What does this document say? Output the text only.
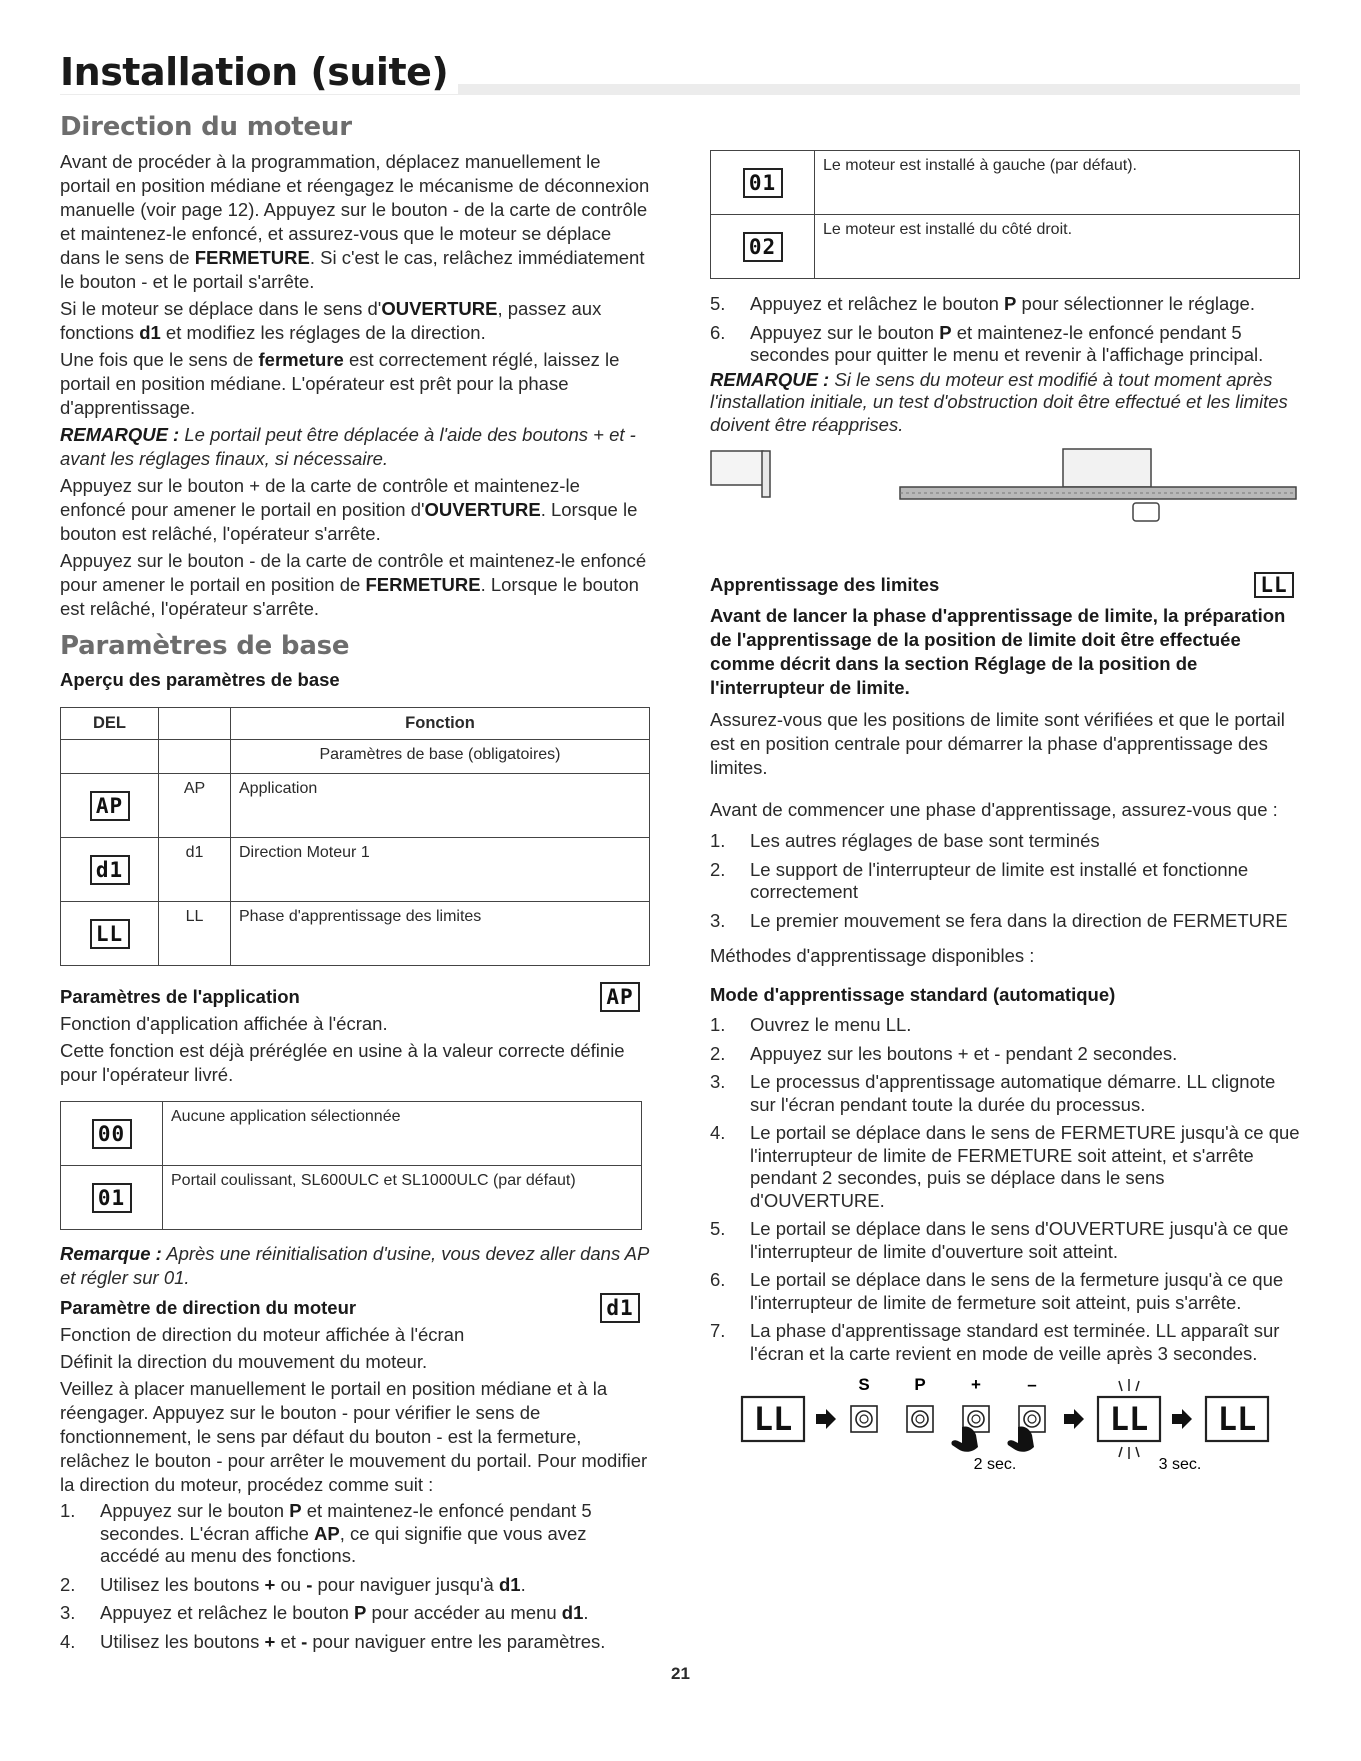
Installation (suite)
Direction du moteur

Avant de procéder à la programmation, déplacez manuellement le portail en position médiane et réengagez le mécanisme de déconnexion manuelle (voir page 12). Appuyez sur le bouton - de la carte de contrôle et maintenez-le enfoncé, et assurez-vous que le moteur se déplace dans le sens de FERMETURE. Si c'est le cas, relâchez immédiatement le bouton - et le portail s'arrête.

Si le moteur se déplace dans le sens d'OUVERTURE, passez aux fonctions d1 et modifiez les réglages de la direction.

Une fois que le sens de fermeture est correctement réglé, laissez le portail en position médiane. L'opérateur est prêt pour la phase d'apprentissage.

REMARQUE : Le portail peut être déplacée à l'aide des boutons + et - avant les réglages finaux, si nécessaire.

Appuyez sur le bouton + de la carte de contrôle et maintenez-le enfoncé pour amener le portail en position d'OUVERTURE. Lorsque le bouton est relâché, l'opérateur s'arrête.

Appuyez sur le bouton - de la carte de contrôle et maintenez-le enfoncé pour amener le portail en position de FERMETURE. Lorsque le bouton est relâché, l'opérateur s'arrête.

Paramètres de base
Aperçu des paramètres de base
DEL		Fonction
		Paramètres de base (obligatoires)
AP	AP	Application
d1	d1	Direction Moteur 1
LL	LL	Phase d'apprentissage des limites
Paramètres de l'application	AP

Fonction d'application affichée à l'écran.

Cette fonction est déjà préréglée en usine à la valeur correcte définie pour l'opérateur livré.

00	Aucune application sélectionnée
01	Portail coulissant, SL600ULC et SL1000ULC (par défaut)

Remarque : Après une réinitialisation d'usine, vous devez aller dans AP et régler sur 01.

Paramètre de direction du moteur	d1

Fonction de direction du moteur affichée à l'écran

Définit la direction du mouvement du moteur.

Veillez à placer manuellement le portail en position médiane et à la réengager. Appuyez sur le bouton - pour vérifier le sens de fonctionnement, le sens par défaut du bouton - est la fermeture, relâchez le bouton - pour arrêter le mouvement du portail. Pour modifier la direction du moteur, procédez comme suit :

1. Appuyez sur le bouton P et maintenez-le enfoncé pendant 5 secondes. L'écran affiche AP, ce qui signifie que vous avez accédé au menu des fonctions.
2. Utilisez les boutons + ou - pour naviguer jusqu'à d1.
3. Appuyez et relâchez le bouton P pour accéder au menu d1.
4. Utilisez les boutons + et - pour naviguer entre les paramètres.
01	Le moteur est installé à gauche (par défaut).
02	Le moteur est installé du côté droit.
5. Appuyez et relâchez le bouton P pour sélectionner le réglage.
6. Appuyez sur le bouton P et maintenez-le enfoncé pendant 5 secondes pour quitter le menu et revenir à l'affichage principal.

REMARQUE : Si le sens du moteur est modifié à tout moment après l'installation initiale, un test d'obstruction doit être effectué et les limites doivent être réapprises.

Apprentissage des limites	LL

Avant de lancer la phase d'apprentissage de limite, la préparation de l'apprentissage de la position de limite doit être effectuée comme décrit dans la section Réglage de la position de l'interrupteur de limite.

Assurez-vous que les positions de limite sont vérifiées et que le portail est en position centrale pour démarrer la phase d'apprentissage des limites.

Avant de commencer une phase d'apprentissage, assurez-vous que :

1. Les autres réglages de base sont terminés
2. Le support de l'interrupteur de limite est installé et fonctionne correctement
3. Le premier mouvement se fera dans la direction de FERMETURE

Méthodes d'apprentissage disponibles :

Mode d'apprentissage standard (automatique)
1. Ouvrez le menu LL.
2. Appuyez sur les boutons + et - pendant 2 secondes.
3. Le processus d'apprentissage automatique démarre. LL clignote sur l'écran pendant toute la durée du processus.
4. Le portail se déplace dans le sens de FERMETURE jusqu'à ce que l'interrupteur de limite de FERMETURE soit atteint, et s'arrête pendant 2 secondes, puis se déplace dans le sens d'OUVERTURE.
5. Le portail se déplace dans le sens d'OUVERTURE jusqu'à ce que l'interrupteur de limite d'ouverture soit atteint.
6. Le portail se déplace dans le sens de la fermeture jusqu'à ce que l'interrupteur de limite de fermeture soit atteint, puis s'arrête.
7. La phase d'apprentissage standard est terminée. LL apparaît sur l'écran et la carte revient en mode de veille après 3 secondes.
LL
S	P	+	–
2 sec.
LL LL
3 sec.
21
